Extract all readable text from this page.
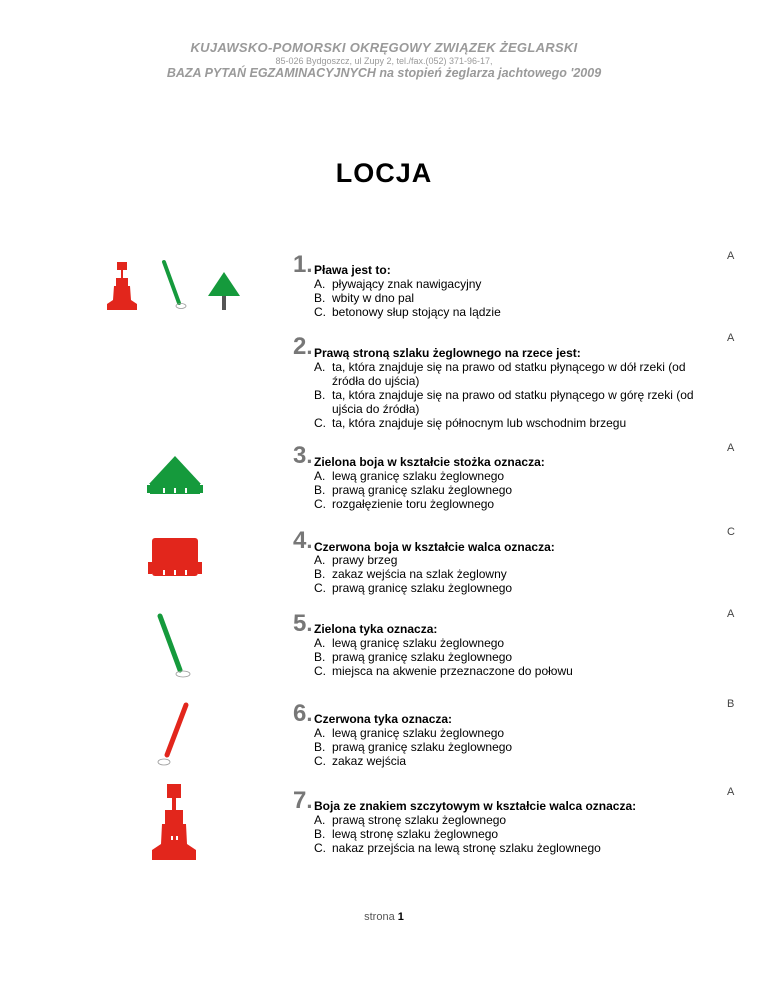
KUJAWSKO-POMORSKI OKRĘGOWY ZWIĄZEK ŻEGLARSKI
85-026 Bydgoszcz, ul Zupy 2, tel./fax.(052) 371-96-17,
BAZA PYTAŃ EGZAMINACYJNYCH na stopień żeglarza jachtowego '2009
LOCJA
1. Pława jest to:
A. pływający znak nawigacyjny
B. wbity w dno pal
C. betonowy słup stojący na lądzie
A
2. Prawą stroną szlaku żeglownego na rzece jest:
A. ta, która znajduje się na prawo od statku płynącego w dół rzeki (od źródła do ujścia)
B. ta, która znajduje się na prawo od statku płynącego w górę rzeki (od ujścia do źródła)
C. ta, która znajduje się północnym lub wschodnim brzegu
A
3. Zielona boja w kształcie stożka oznacza:
A. lewą granicę szlaku żeglownego
B. prawą granicę szlaku żeglownego
C. rozgałęzienie toru żeglownego
A
4. Czerwona boja w kształcie walca oznacza:
A. prawy brzeg
B. zakaz wejścia na szlak żeglowny
C. prawą granicę szlaku żeglownego
C
5. Zielona tyka oznacza:
A. lewą granicę szlaku żeglownego
B. prawą granicę szlaku żeglownego
C. miejsca na akwenie przeznaczone do połowu
A
6. Czerwona tyka oznacza:
A. lewą granicę szlaku żeglownego
B. prawą granicę szlaku żeglownego
C. zakaz wejścia
B
7. Boja ze znakiem szczytowym w kształcie walca oznacza:
A. prawą stronę szlaku żeglownego
B. lewą stronę szlaku żeglownego
C. nakaz przejścia na lewą stronę szlaku żeglownego
A
strona 1
